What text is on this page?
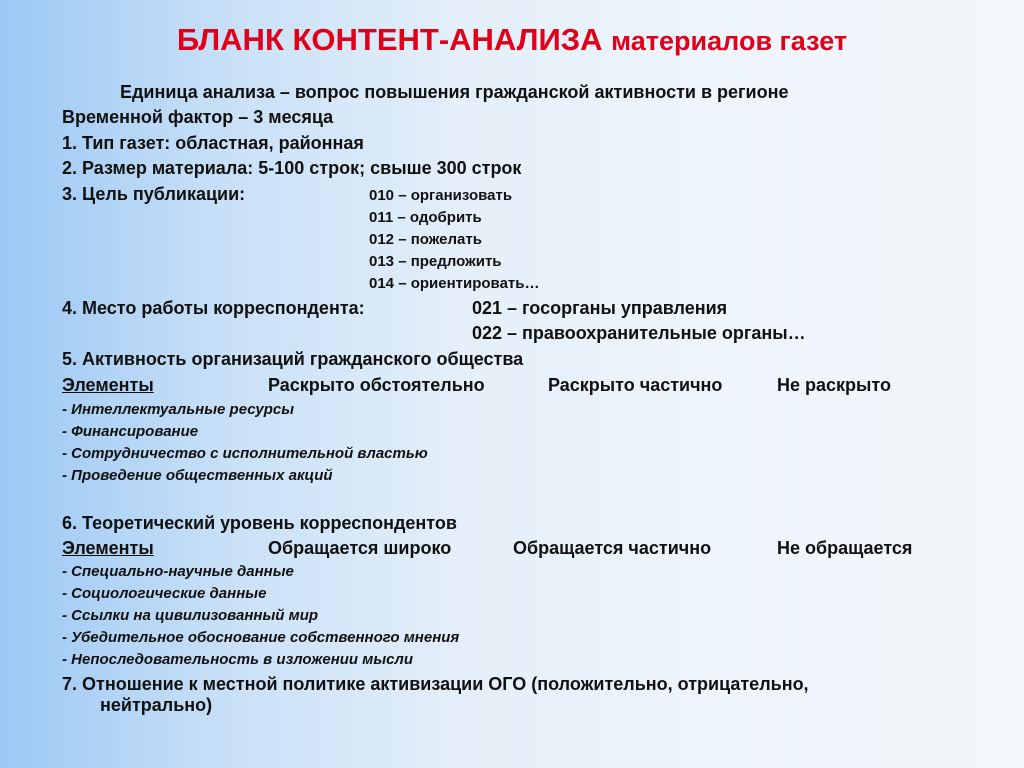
БЛАНК КОНТЕНТ-АНАЛИЗА материалов газет
Единица анализа – вопрос повышения гражданской активности в регионе
Временной фактор – 3 месяца
1. Тип газет: областная, районная
2. Размер материала: 5-100 строк; свыше 300 строк
3. Цель публикации:	010 – организовать
011 – одобрить
012 – пожелать
013 – предложить
014 – ориентировать…
4. Место работы корреспондента:	021 – госорганы управления
022 – правоохранительные органы…
5. Активность организаций гражданского общества
Элементы	Раскрыто обстоятельно	Раскрыто частично	Не раскрыто
- Интеллектуальные ресурсы
- Финансирование
- Сотрудничество с исполнительной властью
- Проведение общественных акций
6. Теоретический уровень корреспондентов
Элементы	Обращается широко	Обращается частично	Не обращается
- Специально-научные данные
- Социологические данные
- Ссылки на цивилизованный мир
- Убедительное обоснование собственного мнения
- Непоследовательность в изложении мысли
7. Отношение к местной политике активизации ОГО (положительно, отрицательно,
нейтрально)
